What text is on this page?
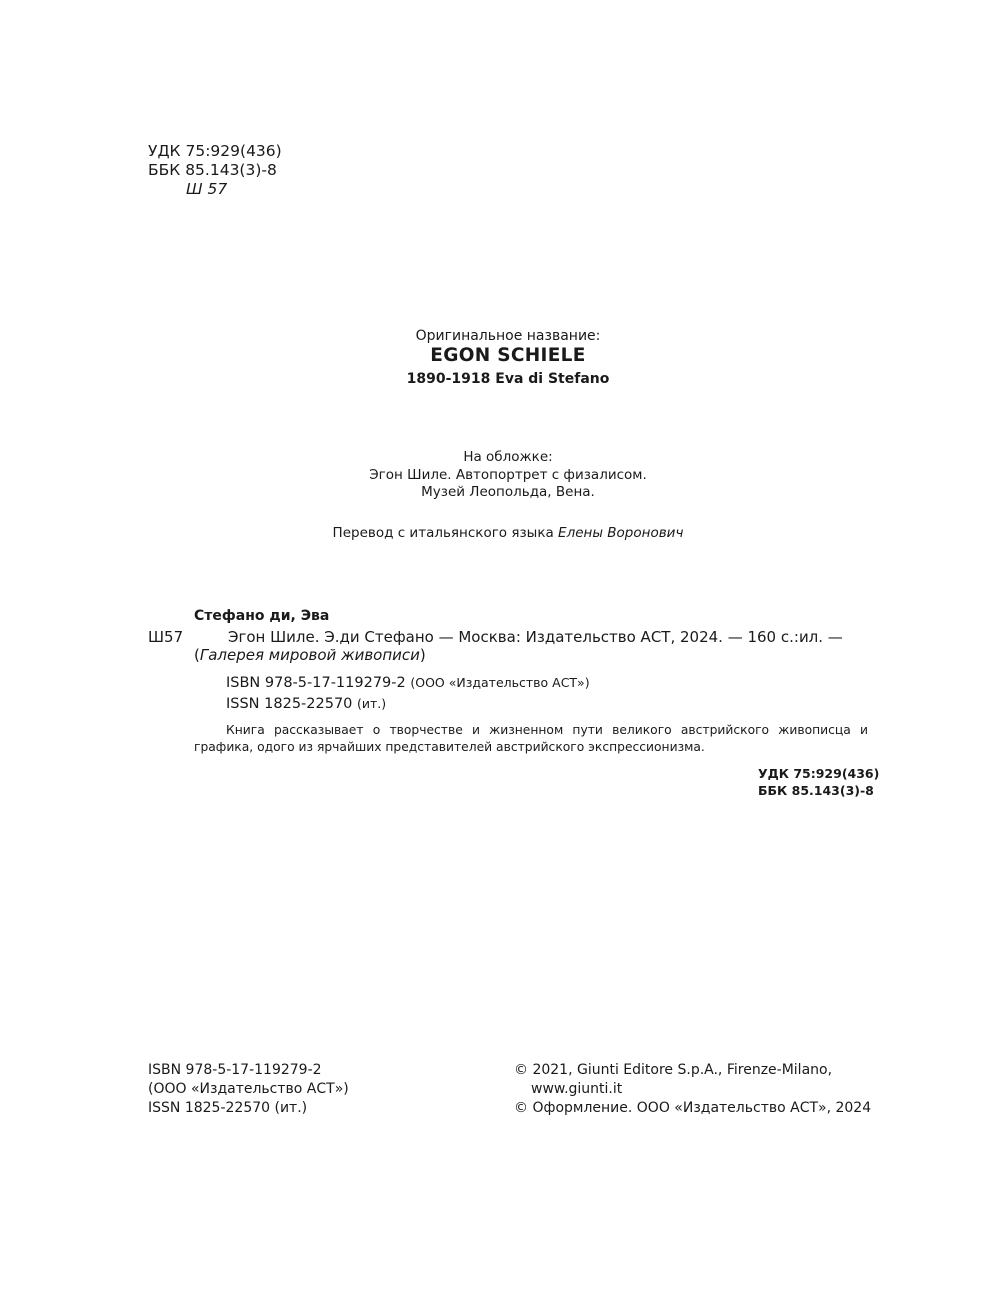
УДК 75:929(436)
ББК 85.143(3)-8
Ш 57
Оригинальное название:
EGON SCHIELE
1890-1918 Eva di Stefano
На обложке:
Эгон Шиле. Автопортрет с физалисом.
Музей Леопольда, Вена.
Перевод с итальянского языка Елены Воронович
Стефано ди, Эва
Ш57	Эгон Шиле. Э.ди Стефано — Москва: Издательство АСТ, 2024. — 160 с.:ил. —
(Галерея мировой живописи)
ISBN 978-5-17-119279-2 (ООО «Издательство АСТ»)
ISSN 1825-22570 (ит.)
Книга рассказывает о творчестве и жизненном пути великого австрийского живописца и графика, одого из ярчайших представителей австрийского экспрессионизма.
УДК 75:929(436)
ББК 85.143(3)-8
ISBN 978-5-17-119279-2
(ООО «Издательство АСТ»)
ISSN 1825-22570 (ит.)
© 2021, Giunti Editore S.p.A., Firenze-Milano,
www.giunti.it
© Оформление. ООО «Издательство АСТ», 2024
